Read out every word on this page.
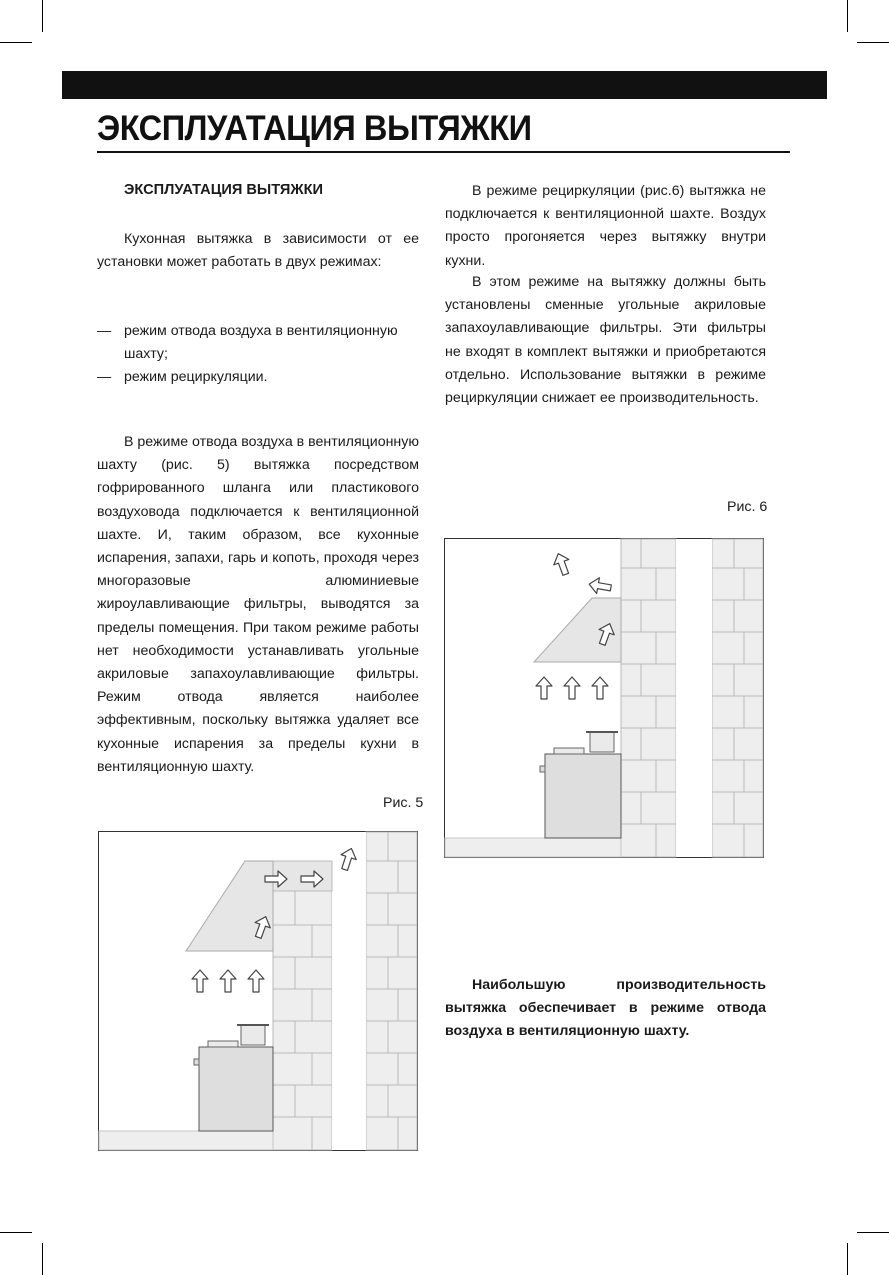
ЭКСПЛУАТАЦИЯ ВЫТЯЖКИ
ЭКСПЛУАТАЦИЯ ВЫТЯЖКИ

Кухонная вытяжка в зависимости от ее установки может работать в двух режимах:

— режим отвода воздуха в вентиляционную шахту;
— режим рециркуляции.

В режиме отвода воздуха в вентиляционную шахту (рис. 5) вытяжка посредством гофрированного шланга или пластикового воздуховода подключается к вентиляционной шахте. И, таким образом, все кухонные испарения, запахи, гарь и копоть, проходя через многоразовые алюминиевые жироулавливающие фильтры, выводятся за пределы помещения. При таком режиме работы нет необходимости устанавливать угольные акриловые запахоулавливающие фильтры. Режим отвода является наиболее эффективным, поскольку вытяжка удаляет все кухонные испарения за пределы кухни в вентиляционную шахту.

Рис. 5

В режиме рециркуляции (рис.6) вытяжка не подключается к вентиляционной шахте. Воздух просто прогоняется через вытяжку внутри кухни.

В этом режиме на вытяжку должны быть установлены сменные угольные акриловые запахоулавливающие фильтры. Эти фильтры не входят в комплект вытяжки и приобретаются отдельно. Использование вытяжки в режиме рециркуляции снижает ее производительность.

Рис. 6

Наибольшую производительность вытяжка обеспечивает в режиме отвода воздуха в вентиляционную шахту.
